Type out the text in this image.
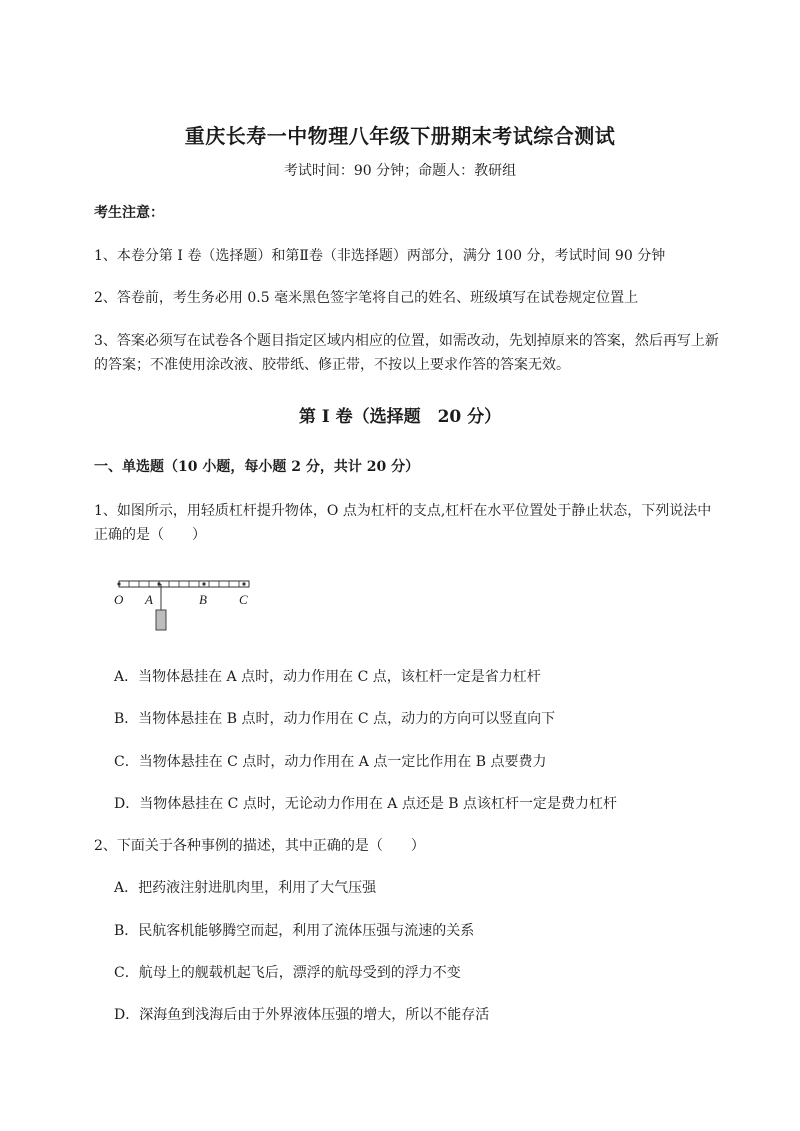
重庆长寿一中物理八年级下册期末考试综合测试
考试时间：90 分钟；命题人：教研组
考生注意：
1、本卷分第 I 卷（选择题）和第Ⅱ卷（非选择题）两部分，满分 100 分，考试时间 90 分钟
2、答卷前，考生务必用 0.5 毫米黑色签字笔将自己的姓名、班级填写在试卷规定位置上
3、答案必须写在试卷各个题目指定区域内相应的位置，如需改动，先划掉原来的答案，然后再写上新
的答案；不准使用涂改液、胶带纸、修正带，不按以上要求作答的答案无效。
第 I 卷（选择题　20 分）
一、单选题（10 小题，每小题 2 分，共计 20 分）
1、如图所示，用轻质杠杆提升物体，O 点为杠杆的支点,杠杆在水平位置处于静止状态，下列说法中
正确的是（　　）
O A	B C
A．当物体悬挂在 A 点时，动力作用在 C 点，该杠杆一定是省力杠杆
B．当物体悬挂在 B 点时，动力作用在 C 点，动力的方向可以竖直向下
C．当物体悬挂在 C 点时，动力作用在 A 点一定比作用在 B 点要费力
D．当物体悬挂在 C 点时，无论动力作用在 A 点还是 B 点该杠杆一定是费力杠杆
2、下面关于各种事例的描述，其中正确的是（　　）
A．把药液注射进肌肉里，利用了大气压强
B．民航客机能够腾空而起，利用了流体压强与流速的关系
C．航母上的舰载机起飞后，漂浮的航母受到的浮力不变
D．深海鱼到浅海后由于外界液体压强的增大，所以不能存活
